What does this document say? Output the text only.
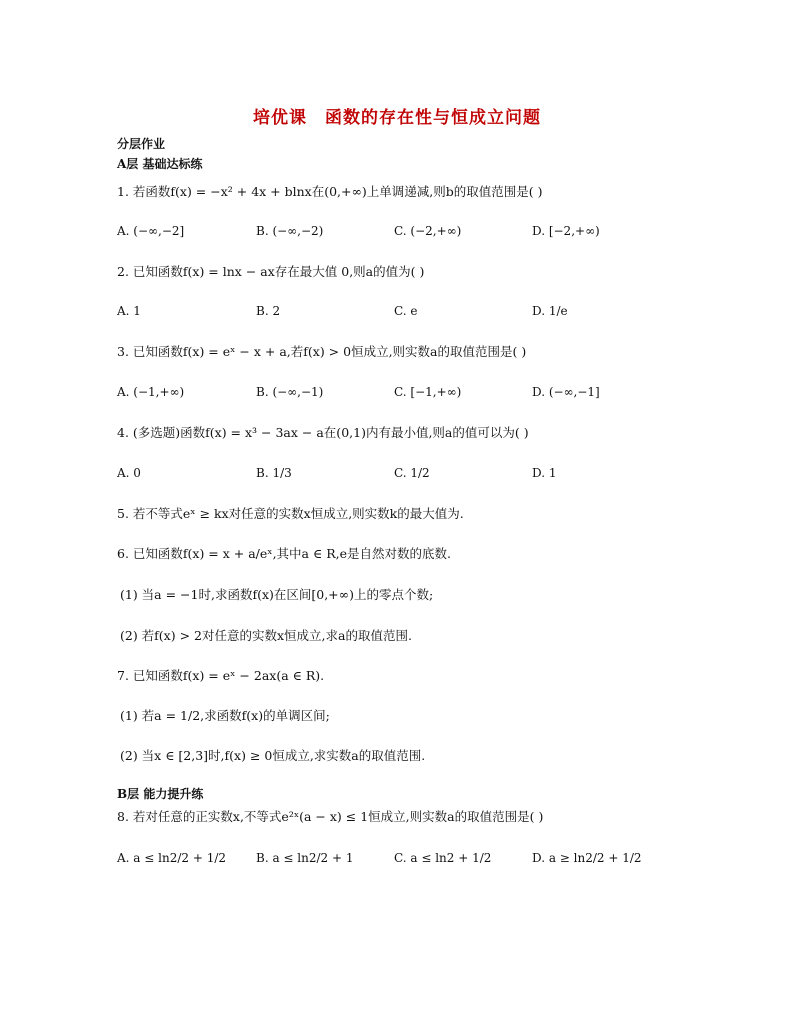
培优课　函数的存在性与恒成立问题
分层作业
A层 基础达标练
1. 若函数f(x) = −x² + 4x + blnx在(0,+∞)上单调递减,则b的取值范围是( )
A. (−∞,−2]	B. (−∞,−2)	C. (−2,+∞)	D. [−2,+∞)
2. 已知函数f(x) = lnx − ax存在最大值 0,则a的值为( )
A. 1	B. 2	C. e	D. 1/e
3. 已知函数f(x) = eˣ − x + a,若f(x) > 0恒成立,则实数a的取值范围是( )
A. (−1,+∞)	B. (−∞,−1)	C. [−1,+∞)	D. (−∞,−1]
4. (多选题)函数f(x) = x³ − 3ax − a在(0,1)内有最小值,则a的值可以为( )
A. 0	B. 1/3	C. 1/2	D. 1
5. 若不等式eˣ ≥ kx对任意的实数x恒成立,则实数k的最大值为.
6. 已知函数f(x) = x + a/eˣ,其中a ∈ R,e是自然对数的底数.
(1) 当a = −1时,求函数f(x)在区间[0,+∞)上的零点个数;
(2) 若f(x) > 2对任意的实数x恒成立,求a的取值范围.
7. 已知函数f(x) = eˣ − 2ax(a ∈ R).
(1) 若a = 1/2,求函数f(x)的单调区间;
(2) 当x ∈ [2,3]时,f(x) ≥ 0恒成立,求实数a的取值范围.
B层 能力提升练
8. 若对任意的正实数x,不等式e²ˣ(a − x) ≤ 1恒成立,则实数a的取值范围是( )
A. a ≤ ln2/2 + 1/2 B. a ≤ ln2/2 + 1	C. a ≤ ln2 + 1/2	D. a ≥ ln2/2 + 1/2
